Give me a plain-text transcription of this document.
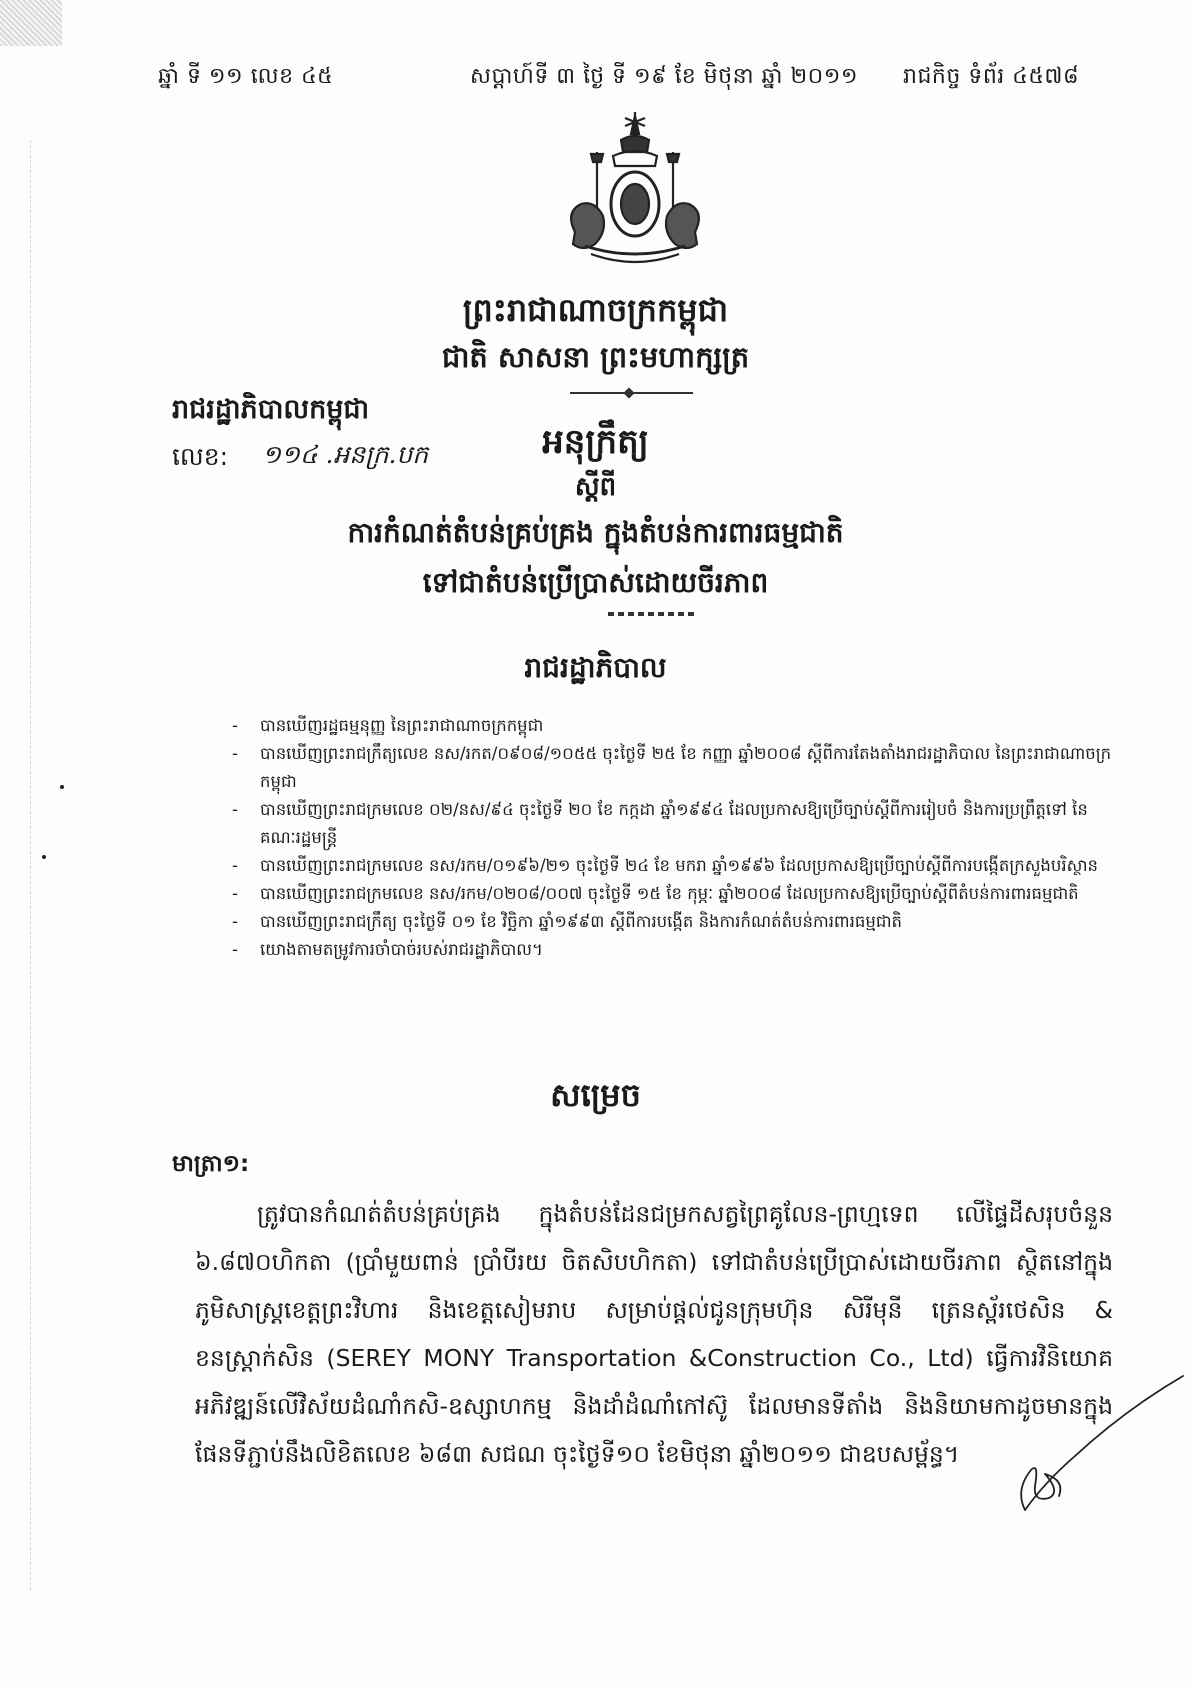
ឆ្នាំ ទី ១១ លេខ ៤៥	សប្តាហ៍ទី ៣ ថ្ងៃ ទី ១៩ ខែ មិថុនា ឆ្នាំ ២០១១ រាជកិច្ច ទំព័រ ៤៥៧៨
ព្រះរាជាណាចក្រកម្ពុជា
ជាតិ សាសនា ព្រះមហាក្សត្រ
រាជរដ្ឋាភិបាលកម្ពុជា
លេខ: ១១៤ .អនក្រ.បក	អនុក្រឹត្យ
ស្តីពី
ការកំណត់តំបន់គ្រប់គ្រង ក្នុងតំបន់ការពារធម្មជាតិ
ទៅជាតំបន់ប្រើប្រាស់ដោយចីរភាព
រាជរដ្ឋាភិបាល
- បានឃើញរដ្ឋធម្មនុញ្ញ នៃព្រះរាជាណាចក្រកម្ពុជា
- បានឃើញព្រះរាជក្រឹត្យលេខ នស/រកត/០៩០៨/១០៥៥ ចុះថ្ងៃទី ២៥ ខែ កញ្ញា ឆ្នាំ២០០៨ ស្តីពីការតែងតាំងរាជរដ្ឋាភិបាល នៃព្រះរាជាណាចក្រកម្ពុជា
- បានឃើញព្រះរាជក្រមលេខ ០២/នស/៩៤ ចុះថ្ងៃទី ២០ ខែ កក្កដា ឆ្នាំ១៩៩៤ ដែលប្រកាសឱ្យប្រើច្បាប់ស្តីពីការរៀបចំ និងការប្រព្រឹត្តទៅ នៃគណៈរដ្ឋមន្ត្រី
- បានឃើញព្រះរាជក្រមលេខ នស/រកម/០១៩៦/២១ ចុះថ្ងៃទី ២៤ ខែ មករា ឆ្នាំ១៩៩៦ ដែលប្រកាសឱ្យប្រើច្បាប់ស្តីពីការបង្កើតក្រសួងបរិស្ថាន
- បានឃើញព្រះរាជក្រមលេខ នស/រកម/០២០៨/០០៧ ចុះថ្ងៃទី ១៥ ខែ កុម្ភៈ ឆ្នាំ២០០៨ ដែលប្រកាសឱ្យប្រើច្បាប់ស្តីពីតំបន់ការពារធម្មជាតិ
- បានឃើញព្រះរាជក្រឹត្យ ចុះថ្ងៃទី ០១ ខែ វិច្ឆិកា ឆ្នាំ១៩៩៣ ស្តីពីការបង្កើត និងការកំណត់តំបន់ការពារធម្មជាតិ
- យោងតាមតម្រូវការចាំបាច់របស់រាជរដ្ឋាភិបាល។
សម្រេច
មាត្រា១:
ត្រូវបានកំណត់តំបន់គ្រប់គ្រង ក្នុងតំបន់ដែនជម្រកសត្វព្រៃគូលែន-ព្រហ្មទេព លើផ្ទៃដីសរុបចំនួន ៦.៨៧០ហិកតា (ប្រាំមួយពាន់ ប្រាំបីរយ ចិតសិបហិកតា) ទៅជាតំបន់ប្រើប្រាស់ដោយចីរភាព ស្ថិតនៅក្នុងភូមិសាស្ត្រខេត្តព្រះវិហារ និងខេត្តសៀមរាប សម្រាប់ផ្តល់ជូនក្រុមហ៊ុន សិរីមុនី ត្រេនស្ព័រថេសិន & ខនស្ត្រាក់សិន (SEREY MONY Transportation &Construction Co., Ltd) ធ្វើការវិនិយោគអភិវឌ្ឍន៍លើវិស័យដំណាំកសិ-ឧស្សាហកម្ម និងដាំដំណាំកៅស៊ូ ដែលមានទីតាំង និងនិយាមកាដូចមានក្នុងផែនទីភ្ជាប់នឹងលិខិតលេខ ៦៨៣ សជណ ចុះថ្ងៃទី១០ ខែមិថុនា ឆ្នាំ២០១១ ជាឧបសម្ព័ន្ធ។
